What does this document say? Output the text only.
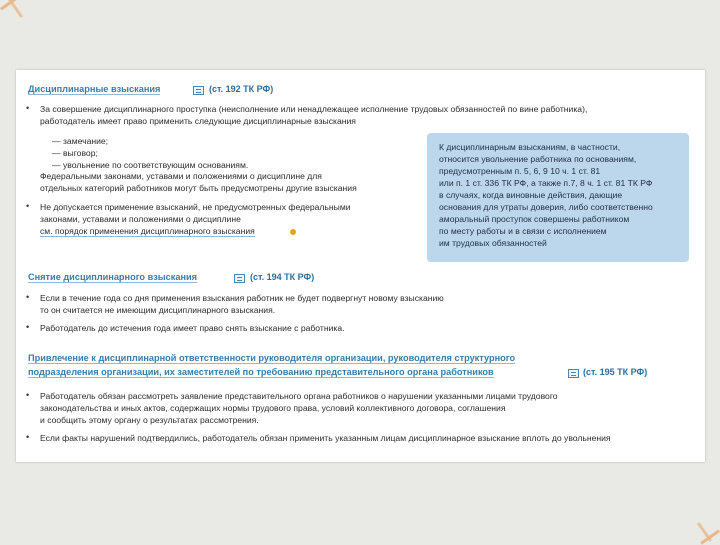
Дисциплинарные взыскания	(ст. 192 ТК РФ)
• За совершение дисциплинарного проступка (неисполнение или ненадлежащее исполнение трудовых обязанностей по вине работника),
работодатель имеет право применить следующие дисциплинарные взыскания
— замечание;
— выговор;
— увольнение по соответствующим основаниям.
Федеральными законами, уставами и положениями о дисциплине для
отдельных категорий работников могут быть предусмотрены другие взыскания
• Не допускается применение взысканий, не предусмотренных федеральными
законами, уставами и положениями о дисциплине
см. порядок применения дисциплинарного взыскания
К дисциплинарным взысканиям, в частности,
относится увольнение работника по основаниям,
предусмотренным п. 5, 6, 9 10 ч. 1 ст. 81
или п. 1 ст. 336 ТК РФ, а также п.7, 8 ч. 1 ст. 81 ТК РФ
в случаях, когда виновные действия, дающие
основания для утраты доверия, либо соответственно
аморальный проступок совершены работником
по месту работы и в связи с исполнением
им трудовых обязанностей
Снятие дисциплинарного взыскания	(ст. 194 ТК РФ)
• Если в течение года со дня применения взыскания работник не будет подвергнут новому взысканию
то он считается не имеющим дисциплинарного взыскания.
• Работодатель до истечения года имеет право снять взыскание с работника.
Привлечение к дисциплинарной ответственности руководителя организации, руководителя структурного
подразделения организации, их заместителей по требованию представительного органа работников	(ст. 195 ТК РФ)
• Работодатель обязан рассмотреть заявление представительного органа работников о нарушении указанными лицами трудового
законодательства и иных актов, содержащих нормы трудового права, условий коллективного договора, соглашения
и сообщить этому органу о результатах рассмотрения.
• Если факты нарушений подтвердились, работодатель обязан применить указанным лицам дисциплинарное взыскание вплоть до увольнения
